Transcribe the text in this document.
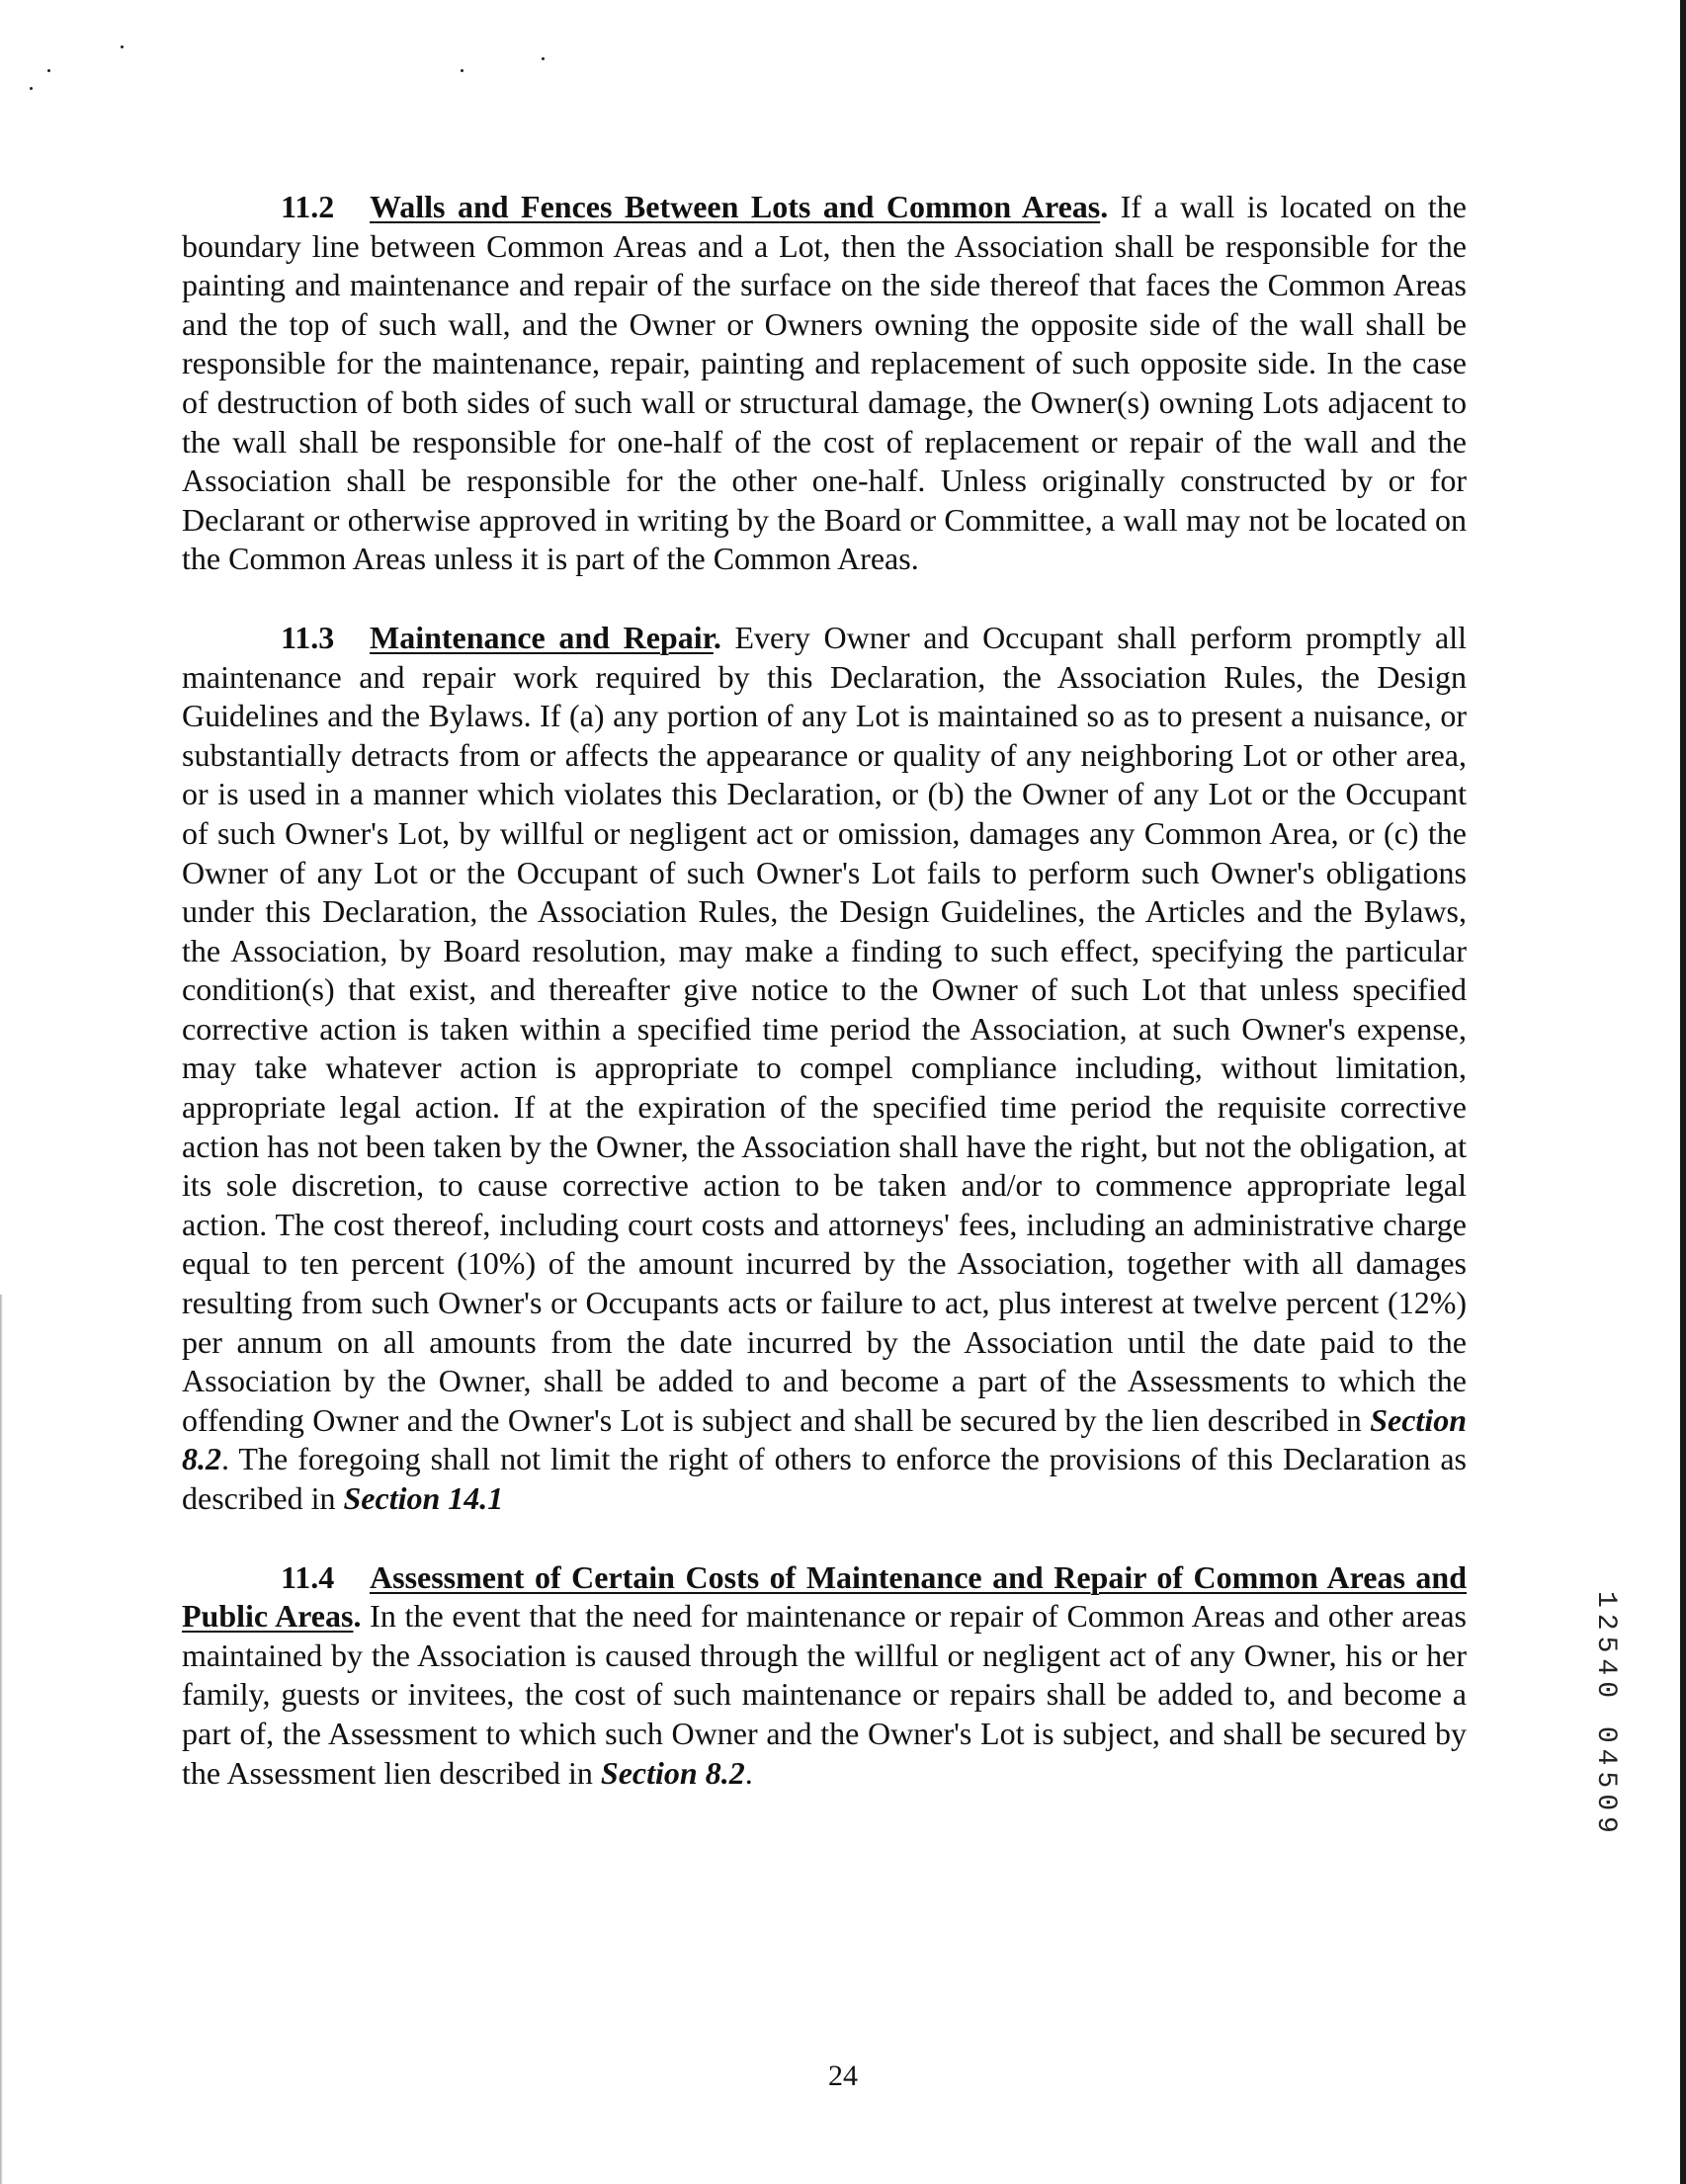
11.2 Walls and Fences Between Lots and Common Areas. If a wall is located on the boundary line between Common Areas and a Lot, then the Association shall be responsible for the painting and maintenance and repair of the surface on the side thereof that faces the Common Areas and the top of such wall, and the Owner or Owners owning the opposite side of the wall shall be responsible for the maintenance, repair, painting and replacement of such opposite side. In the case of destruction of both sides of such wall or structural damage, the Owner(s) owning Lots adjacent to the wall shall be responsible for one-half of the cost of replacement or repair of the wall and the Association shall be responsible for the other one-half. Unless originally constructed by or for Declarant or otherwise approved in writing by the Board or Committee, a wall may not be located on the Common Areas unless it is part of the Common Areas.

11.3 Maintenance and Repair. Every Owner and Occupant shall perform promptly all maintenance and repair work required by this Declaration, the Association Rules, the Design Guidelines and the Bylaws. If (a) any portion of any Lot is maintained so as to present a nuisance, or substantially detracts from or affects the appearance or quality of any neighboring Lot or other area, or is used in a manner which violates this Declaration, or (b) the Owner of any Lot or the Occupant of such Owner's Lot, by willful or negligent act or omission, damages any Common Area, or (c) the Owner of any Lot or the Occupant of such Owner's Lot fails to perform such Owner's obligations under this Declaration, the Association Rules, the Design Guidelines, the Articles and the Bylaws, the Association, by Board resolution, may make a finding to such effect, specifying the particular condition(s) that exist, and thereafter give notice to the Owner of such Lot that unless specified corrective action is taken within a specified time period the Association, at such Owner's expense, may take whatever action is appropriate to compel compliance including, without limitation, appropriate legal action. If at the expiration of the specified time period the requisite corrective action has not been taken by the Owner, the Association shall have the right, but not the obligation, at its sole discretion, to cause corrective action to be taken and/or to commence appropriate legal action. The cost thereof, including court costs and attorneys' fees, including an administrative charge equal to ten percent (10%) of the amount incurred by the Association, together with all damages resulting from such Owner's or Occupants acts or failure to act, plus interest at twelve percent (12%) per annum on all amounts from the date incurred by the Association until the date paid to the Association by the Owner, shall be added to and become a part of the Assessments to which the offending Owner and the Owner's Lot is subject and shall be secured by the lien described in Section 8.2. The foregoing shall not limit the right of others to enforce the provisions of this Declaration as described in Section 14.1

11.4 Assessment of Certain Costs of Maintenance and Repair of Common Areas and Public Areas. In the event that the need for maintenance or repair of Common Areas and other areas maintained by the Association is caused through the willful or negligent act of any Owner, his or her family, guests or invitees, the cost of such maintenance or repairs shall be added to, and become a part of, the Assessment to which such Owner and the Owner's Lot is subject, and shall be secured by the Assessment lien described in Section 8.2.	12540 04509
24
